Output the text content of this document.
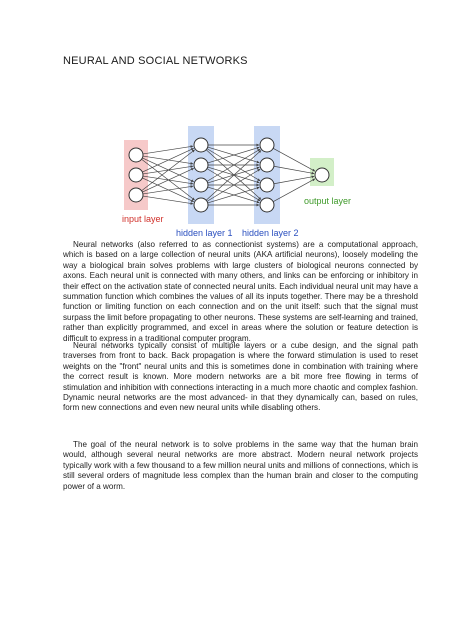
NEURAL AND SOCIAL NETWORKS
input layer
hidden layer 1 hidden layer 2
output layer
Neural networks (also referred to as connectionist systems) are a computational approach, which is based on a large collection of neural units (AKA artificial neurons), loosely modeling the way a biological brain solves problems with large clusters of biological neurons connected by axons. Each neural unit is connected with many others, and links can be enforcing or inhibitory in their effect on the activation state of connected neural units. Each individual neural unit may have a summation function which combines the values of all its inputs together. There may be a threshold function or limiting function on each connection and on the unit itself: such that the signal must surpass the limit before propagating to other neurons. These systems are self-learning and trained, rather than explicitly programmed, and excel in areas where the solution or feature detection is difficult to express in a traditional computer program.
Neural networks typically consist of multiple layers or a cube design, and the signal path traverses from front to back. Back propagation is where the forward stimulation is used to reset weights on the "front" neural units and this is sometimes done in combination with training where the correct result is known. More modern networks are a bit more free flowing in terms of stimulation and inhibition with connections interacting in a much more chaotic and complex fashion. Dynamic neural networks are the most advanced- in that they dynamically can, based on rules, form new connections and even new neural units while disabling others.
The goal of the neural network is to solve problems in the same way that the human brain would, although several neural networks are more abstract. Modern neural network projects typically work with a few thousand to a few million neural units and millions of connections, which is still several orders of magnitude less complex than the human brain and closer to the computing power of a worm.
